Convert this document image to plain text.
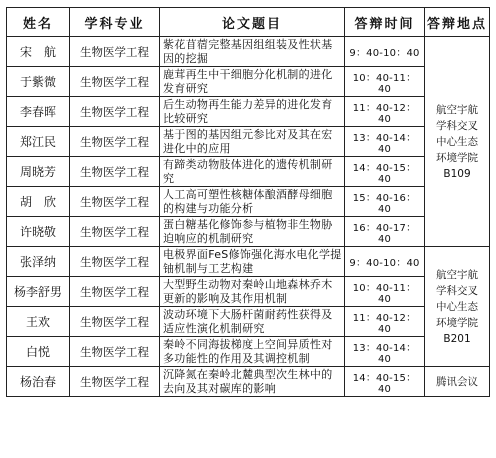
姓名	学科专业	论文题目	答辩时间	答辩地点
宋　航	生物医学工程	紫花苜蓿完整基因组组装及性状基因的挖掘	9：40-10：40	航空宇航学科交叉中心生态环境学院B109
于紫微	生物医学工程	鹿茸再生中干细胞分化机制的进化发育研究	10：40-11：40	
李春晖	生物医学工程	后生动物再生能力差异的进化发育比较研究	11：40-12：40	
郑江民	生物医学工程	基于图的基因组元参比对及其在宏进化中的应用	13：40-14：40	
周晓芳	生物医学工程	有蹄类动物肢体进化的遗传机制研究	14：40-15：40	
胡　欣	生物医学工程	人工高可塑性核糖体酿酒酵母细胞的构建与功能分析	15：40-16：40	
许晓敬	生物医学工程	蛋白糖基化修饰参与植物非生物胁迫响应的机制研究	16：40-17：40	
张泽纳	生物医学工程	电极界面FeS修饰强化海水电化学提铀机制与工艺构建	9：40-10：40	航空宇航学科交叉中心生态环境学院B201
杨李舒男	生物医学工程	大型野生动物对秦岭山地森林乔木更新的影响及其作用机制	10：40-11：40	
王欢	生物医学工程	波动环境下大肠杆菌耐药性获得及适应性演化机制研究	11：40-12：40	
白悦	生物医学工程	秦岭不同海拔梯度上空间异质性对多功能性的作用及其调控机制	13：40-14：40	
杨治春	生物医学工程	沉降氮在秦岭北麓典型次生林中的去向及其对碳库的影响	14：40-15：40	腾讯会议
